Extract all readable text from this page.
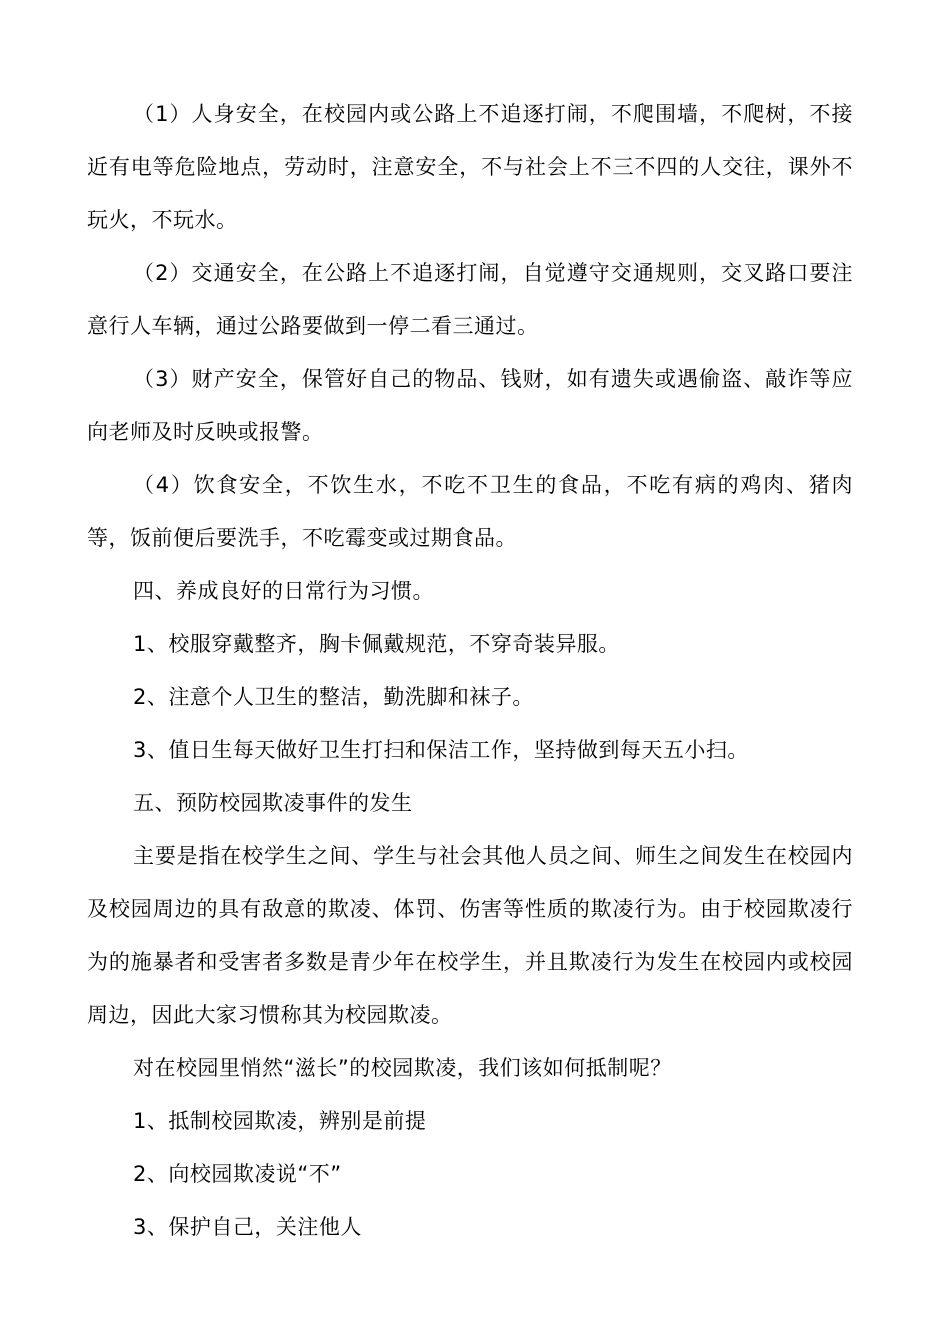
（1）人身安全，在校园内或公路上不追逐打闹，不爬围墙，不爬树，不接近有电等危险地点，劳动时，注意安全，不与社会上不三不四的人交往，课外不玩火，不玩水。

（2）交通安全，在公路上不追逐打闹，自觉遵守交通规则，交叉路口要注意行人车辆，通过公路要做到一停二看三通过。

（3）财产安全，保管好自己的物品、钱财，如有遗失或遇偷盗、敲诈等应向老师及时反映或报警。

（4）饮食安全，不饮生水，不吃不卫生的食品，不吃有病的鸡肉、猪肉等，饭前便后要洗手，不吃霉变或过期食品。

四、养成良好的日常行为习惯。

1、校服穿戴整齐，胸卡佩戴规范，不穿奇装异服。

2、注意个人卫生的整洁，勤洗脚和袜子。

3、值日生每天做好卫生打扫和保洁工作，坚持做到每天五小扫。

五、预防校园欺凌事件的发生

主要是指在校学生之间、学生与社会其他人员之间、师生之间发生在校园内及校园周边的具有敌意的欺凌、体罚、伤害等性质的欺凌行为。由于校园欺凌行为的施暴者和受害者多数是青少年在校学生，并且欺凌行为发生在校园内或校园周边，因此大家习惯称其为校园欺凌。

对在校园里悄然“滋长”的校园欺凌，我们该如何抵制呢？

1、抵制校园欺凌，辨别是前提

2、向校园欺凌说“不”

3、保护自己，关注他人
